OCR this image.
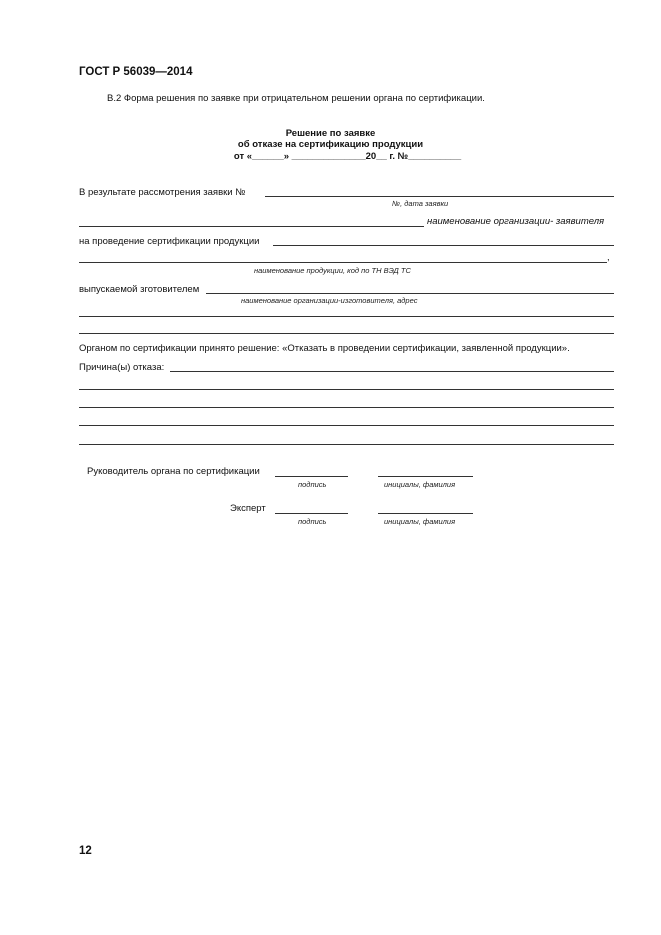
ГОСТ Р 56039—2014
В.2 Форма решения по заявке при отрицательном решении органа по сертификации.
Решение по заявке
об отказе на сертификацию продукции
от «______» ______________20__ г. №__________
В результате рассмотрения заявки №
№, дата заявки
наименование организации- заявителя
на проведение сертификации продукции
,
наименование продукции, код по ТН ВЭД ТС
выпускаемой зготовителем
наименование организации-изготовителя, адрес
Органом по сертификации принято решение: «Отказать в проведении сертификации, заявленной продукции».
Причина(ы) отказа:
Руководитель органа по сертификации
подпись	инициалы, фамилия
Эксперт
подпись	инициалы, фамилия
12
